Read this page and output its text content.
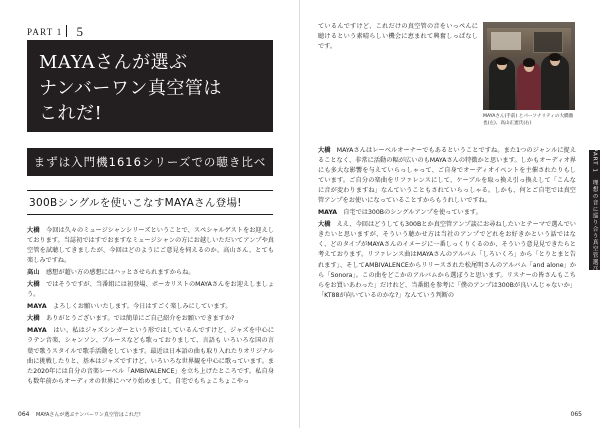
PART 1 5
MAYAさんが選ぶ
ナンバーワン真空管は
これだ!
まずは入門機1616シリーズでの聴き比べ
300Bシングルを使いこなすMAYAさん登場!

大橋　 今回は久々のミュージシャンシリーズということで、スペシャルゲストをお迎えしております。当誌初ではすでおますなミュージシャンの方にお越しいただいてアンプや真空管を試聴してきましたが、今回はどのようにご意見を伺えるのか、高山さん、とても楽しみですね。

高山　 感想が超い方の感想にはハッとさせられますからね。

大橋　 ではそうですが、当番組には初登場、ボーカリストのMAYAさんをお迎えしましょう。

MAYA　 よろしくお願いいたします。今日はすごく楽しみにしています。

大橋　 ありがとうございます。では簡単にご自己紹介をお願いできますか?

MAYA　 はい、私はジャズシンガーという形ではしているんですけど、ジャズを中心にラテン音楽、シャンソン、ブルースなども歌っておりまして、言語も いろいろな国の言葉で歌うスタイルで歌手活動をしています。最近は日本語の曲も取り入れたりオリジナル曲に挑戦したりと、基本はジャズですけど、いろいろな世界観を中心に歌っています。また2020年には自分の音楽レーベル「AMBIVALENCE」を立ち上げたところです。私自身も数年前からオーディオの世界にハマり始めまして、自宅でもちょこちょこやっ

064 MAYAさんが選ぶナンバーワン真空管はこれだ!

ているんですけど、これだけの真空管の音をいっぺんに聴けるという素晴らしい機会に恵まれて興奮しっぱなしです。

MAYAさん(手前) とパーソナリティの大橋徹也(左)、高山正憲氏(右)

大橋　 MAYAさんはレーベルオーナーでもあるということですね。また1つのジャンルに捉えることなく、非常に活動の幅が広いのもMAYAさんの特徴かと思います。しかもオーディオ界にも多大な影響を与えていらっしゃって、ご自身でオーディオイベントを主催されたりもしています。ご自分の楽曲をリファレンスにして、ケーブルを取っ換え引っ換えして「こんなに音が変わりますね」なんていうこともされていらっしゃる。しかも、何とご自宅では真空管アンプをお使いになっていることすからもうれしいですね。

MAYA　 自宅では300Bのシングルアンプを使っています。

大橋　 ええ、今回はどうしても300Bとか真空管アンプ談にお尋ねしたいとテーマで選んでいきたいと思いますが、そういう聴かせ方は当社のアンプでどれをお好きかという話ではなく、どのタイプがMAYAさんのイメージに一番しっくりくるのか、そういう意見見できたらと考えております。リファレンス曲はMAYAさんのアルバム「しろいくろ」から「とりとまと告れます」、そしてAMBIVALENCEからリリースされた松尾明さんのアルバム「and alone」から「Sonora」。この曲をどこかのアルバムから選ぼうと思います。リスナーの皆さんもこちらをお買いあわった」だけれど、当番組を参考に「僕のアンプは300Bが良いんじゃないか」「KT88が向いているのかな?」なんていう判断の

PART 1　理想の音に巡り合う真空管選び
065
